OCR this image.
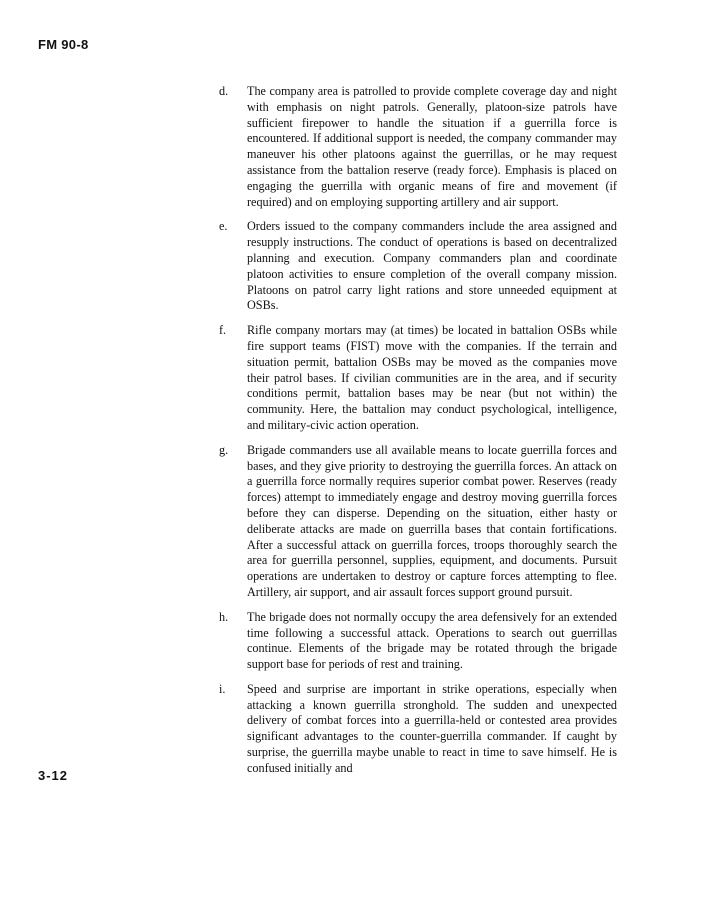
FM 90-8
d.	The company area is patrolled to provide complete coverage day and night with emphasis on night patrols. Generally, platoon-size patrols have sufficient firepower to handle the situation if a guerrilla force is encountered. If additional support is needed, the company commander may maneuver his other platoons against the guerrillas, or he may request assistance from the battalion reserve (ready force). Emphasis is placed on engaging the guerrilla with organic means of fire and movement (if required) and on employing supporting artillery and air support.

e.	Orders issued to the company commanders include the area assigned and resupply instructions. The conduct of operations is based on decentralized planning and execution. Company commanders plan and coordinate platoon activities to ensure completion of the overall company mission. Platoons on patrol carry light rations and store unneeded equipment at OSBs.

f.	Rifle company mortars may (at times) be located in battalion OSBs while fire support teams (FIST) move with the companies. If the terrain and situation permit, battalion OSBs may be moved as the companies move their patrol bases. If civilian communities are in the area, and if security conditions permit, battalion bases may be near (but not within) the community. Here, the battalion may conduct psychological, intelligence, and military-civic action operation.

g.	Brigade commanders use all available means to locate guerrilla forces and bases, and they give priority to destroying the guerrilla forces. An attack on a guerrilla force normally requires superior combat power. Reserves (ready forces) attempt to immediately engage and destroy moving guerrilla forces before they can disperse. Depending on the situation, either hasty or deliberate attacks are made on guerrilla bases that contain fortifications. After a successful attack on guerrilla forces, troops thoroughly search the area for guerrilla personnel, supplies, equipment, and documents. Pursuit operations are undertaken to destroy or capture forces attempting to flee. Artillery, air support, and air assault forces support ground pursuit.

h.	The brigade does not normally occupy the area defensively for an extended time following a successful attack. Operations to search out guerrillas continue. Elements of the brigade may be rotated through the brigade support base for periods of rest and training.

i.	Speed and surprise are important in strike operations, especially when attacking a known guerrilla stronghold. The sudden and unexpected delivery of combat forces into a guerrilla-held or contested area provides significant advantages to the counter-guerrilla commander. If caught by surprise, the guerrilla maybe unable to react in time to save himself. He is confused initially and

3-12
